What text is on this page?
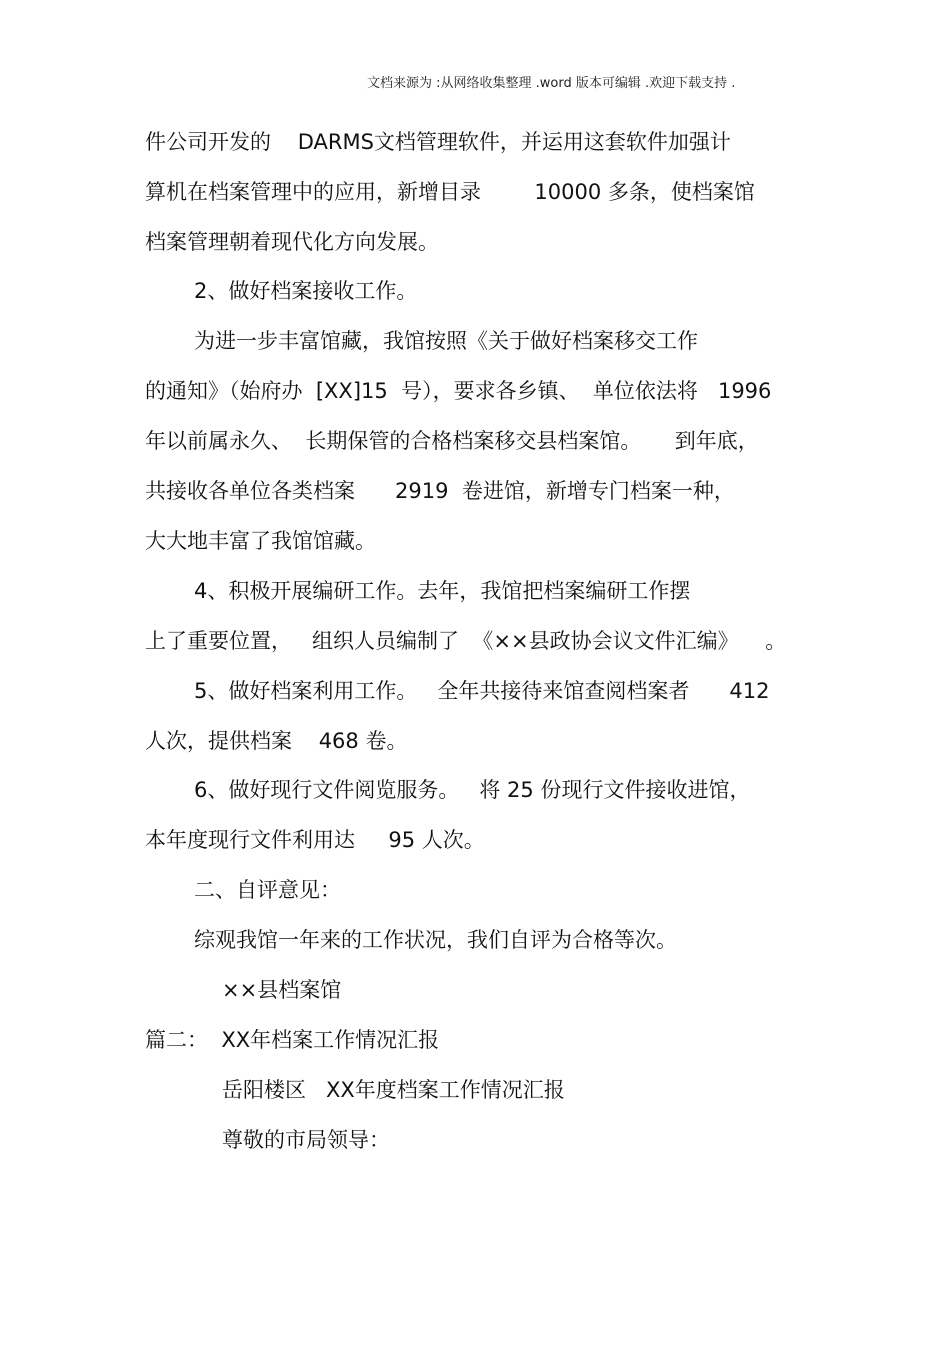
文档来源为 :从网络收集整理 .word 版本可编辑 .欢迎下载支持 .
件公司开发的    DARMS文档管理软件，并运用这套软件加强计
算机在档案管理中的应用，新增目录        10000 多条，使档案馆
档案管理朝着现代化方向发展。
2、做好档案接收工作。
为进一步丰富馆藏，我馆按照《关于做好档案移交工作
的通知》（始府办  [XX]15  号），要求各乡镇、  单位依法将   1996
年以前属永久、  长期保管的合格档案移交县档案馆。     到年底，
共接收各单位各类档案      2919  卷进馆，新增专门档案一种，
大大地丰富了我馆馆藏。
4、积极开展编研工作。去年，我馆把档案编研工作摆
上了重要位置，   组织人员编制了  《××县政协会议文件汇编》    。
5、做好档案利用工作。   全年共接待来馆查阅档案者      412
人次，提供档案    468 卷。
6、做好现行文件阅览服务。   将 25 份现行文件接收进馆，
本年度现行文件利用达     95 人次。
二、自评意见：
综观我馆一年来的工作状况，我们自评为合格等次。
××县档案馆
篇二：  XX年档案工作情况汇报
岳阳楼区   XX年度档案工作情况汇报
尊敬的市局领导：
